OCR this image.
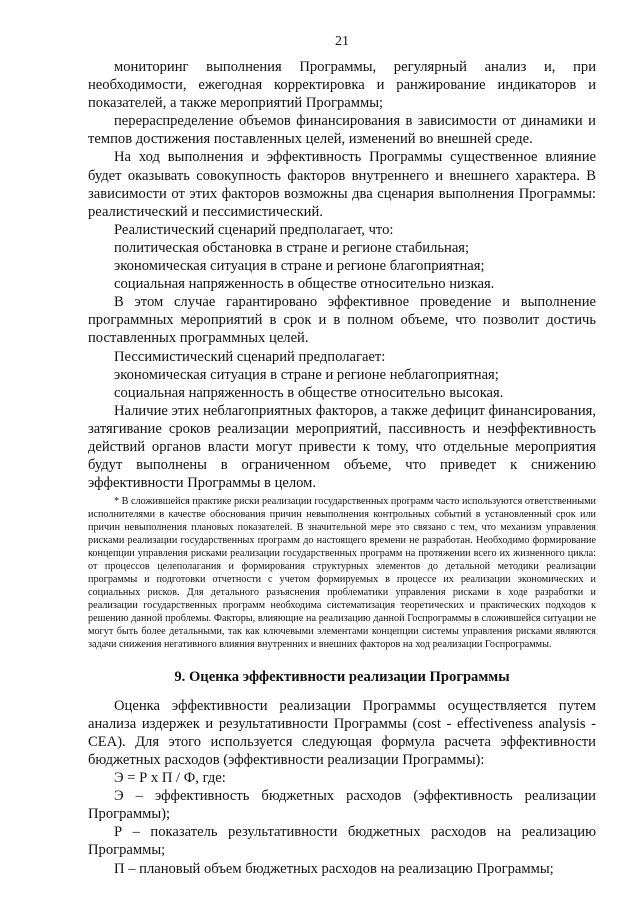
21

мониторинг выполнения Программы, регулярный анализ и, при необходимости, ежегодная корректировка и ранжирование индикаторов и показателей, а также мероприятий Программы;

перераспределение объемов финансирования в зависимости от динамики и темпов достижения поставленных целей, изменений во внешней среде.

На ход выполнения и эффективность Программы существенное влияние будет оказывать совокупность факторов внутреннего и внешнего характера. В зависимости от этих факторов возможны два сценария выполнения Программы: реалистический и пессимистический.

Реалистический сценарий предполагает, что:

политическая обстановка в стране и регионе стабильная;

экономическая ситуация в стране и регионе благоприятная;

социальная напряженность в обществе относительно низкая.

В этом случае гарантировано эффективное проведение и выполнение программных мероприятий в срок и в полном объеме, что позволит достичь поставленных программных целей.

Пессимистический сценарий предполагает:

экономическая ситуация в стране и регионе неблагоприятная;

социальная напряженность в обществе относительно высокая.

Наличие этих неблагоприятных факторов, а также дефицит финансирования, затягивание сроков реализации мероприятий, пассивность и неэффективность действий органов власти могут привести к тому, что отдельные мероприятия будут выполнены в ограниченном объеме, что приведет к снижению эффективности Программы в целом.

* В сложившейся практике риски реализации государственных программ часто используются ответственными исполнителями в качестве обоснования причин невыполнения контрольных событий в установленный срок или причин невыполнения плановых показателей. В значительной мере это связано с тем, что механизм управления рисками реализации государственных программ до настоящего времени не разработан. Необходимо формирование концепции управления рисками реализации государственных программ на протяжении всего их жизненного цикла: от процессов целеполагания и формирования структурных элементов до детальной методики реализации программы и подготовки отчетности с учетом формируемых в процессе их реализации экономических и социальных рисков. Для детального разъяснения проблематики управления рисками в ходе разработки и реализации государственных программ необходима систематизация теоретических и практических подходов к решению данной проблемы. Факторы, влияющие на реализацию данной Госпрограммы в сложившейся ситуации не могут быть более детальными, так как ключевыми элементами концепции системы управления рисками являются задачи снижения негативного влияния внутренних и внешних факторов на ход реализации Госпрограммы.

9. Оценка эффективности реализации Программы

Оценка эффективности реализации Программы осуществляется путем анализа издержек и результативности Программы (cost - effectiveness analysis - CEA). Для этого используется следующая формула расчета эффективности бюджетных расходов (эффективности реализации Программы):

Э = Р х П / Ф, где:

Э – эффективность бюджетных расходов (эффективность реализации Программы);

Р – показатель результативности бюджетных расходов на реализацию Программы;

П – плановый объем бюджетных расходов на реализацию Программы;
